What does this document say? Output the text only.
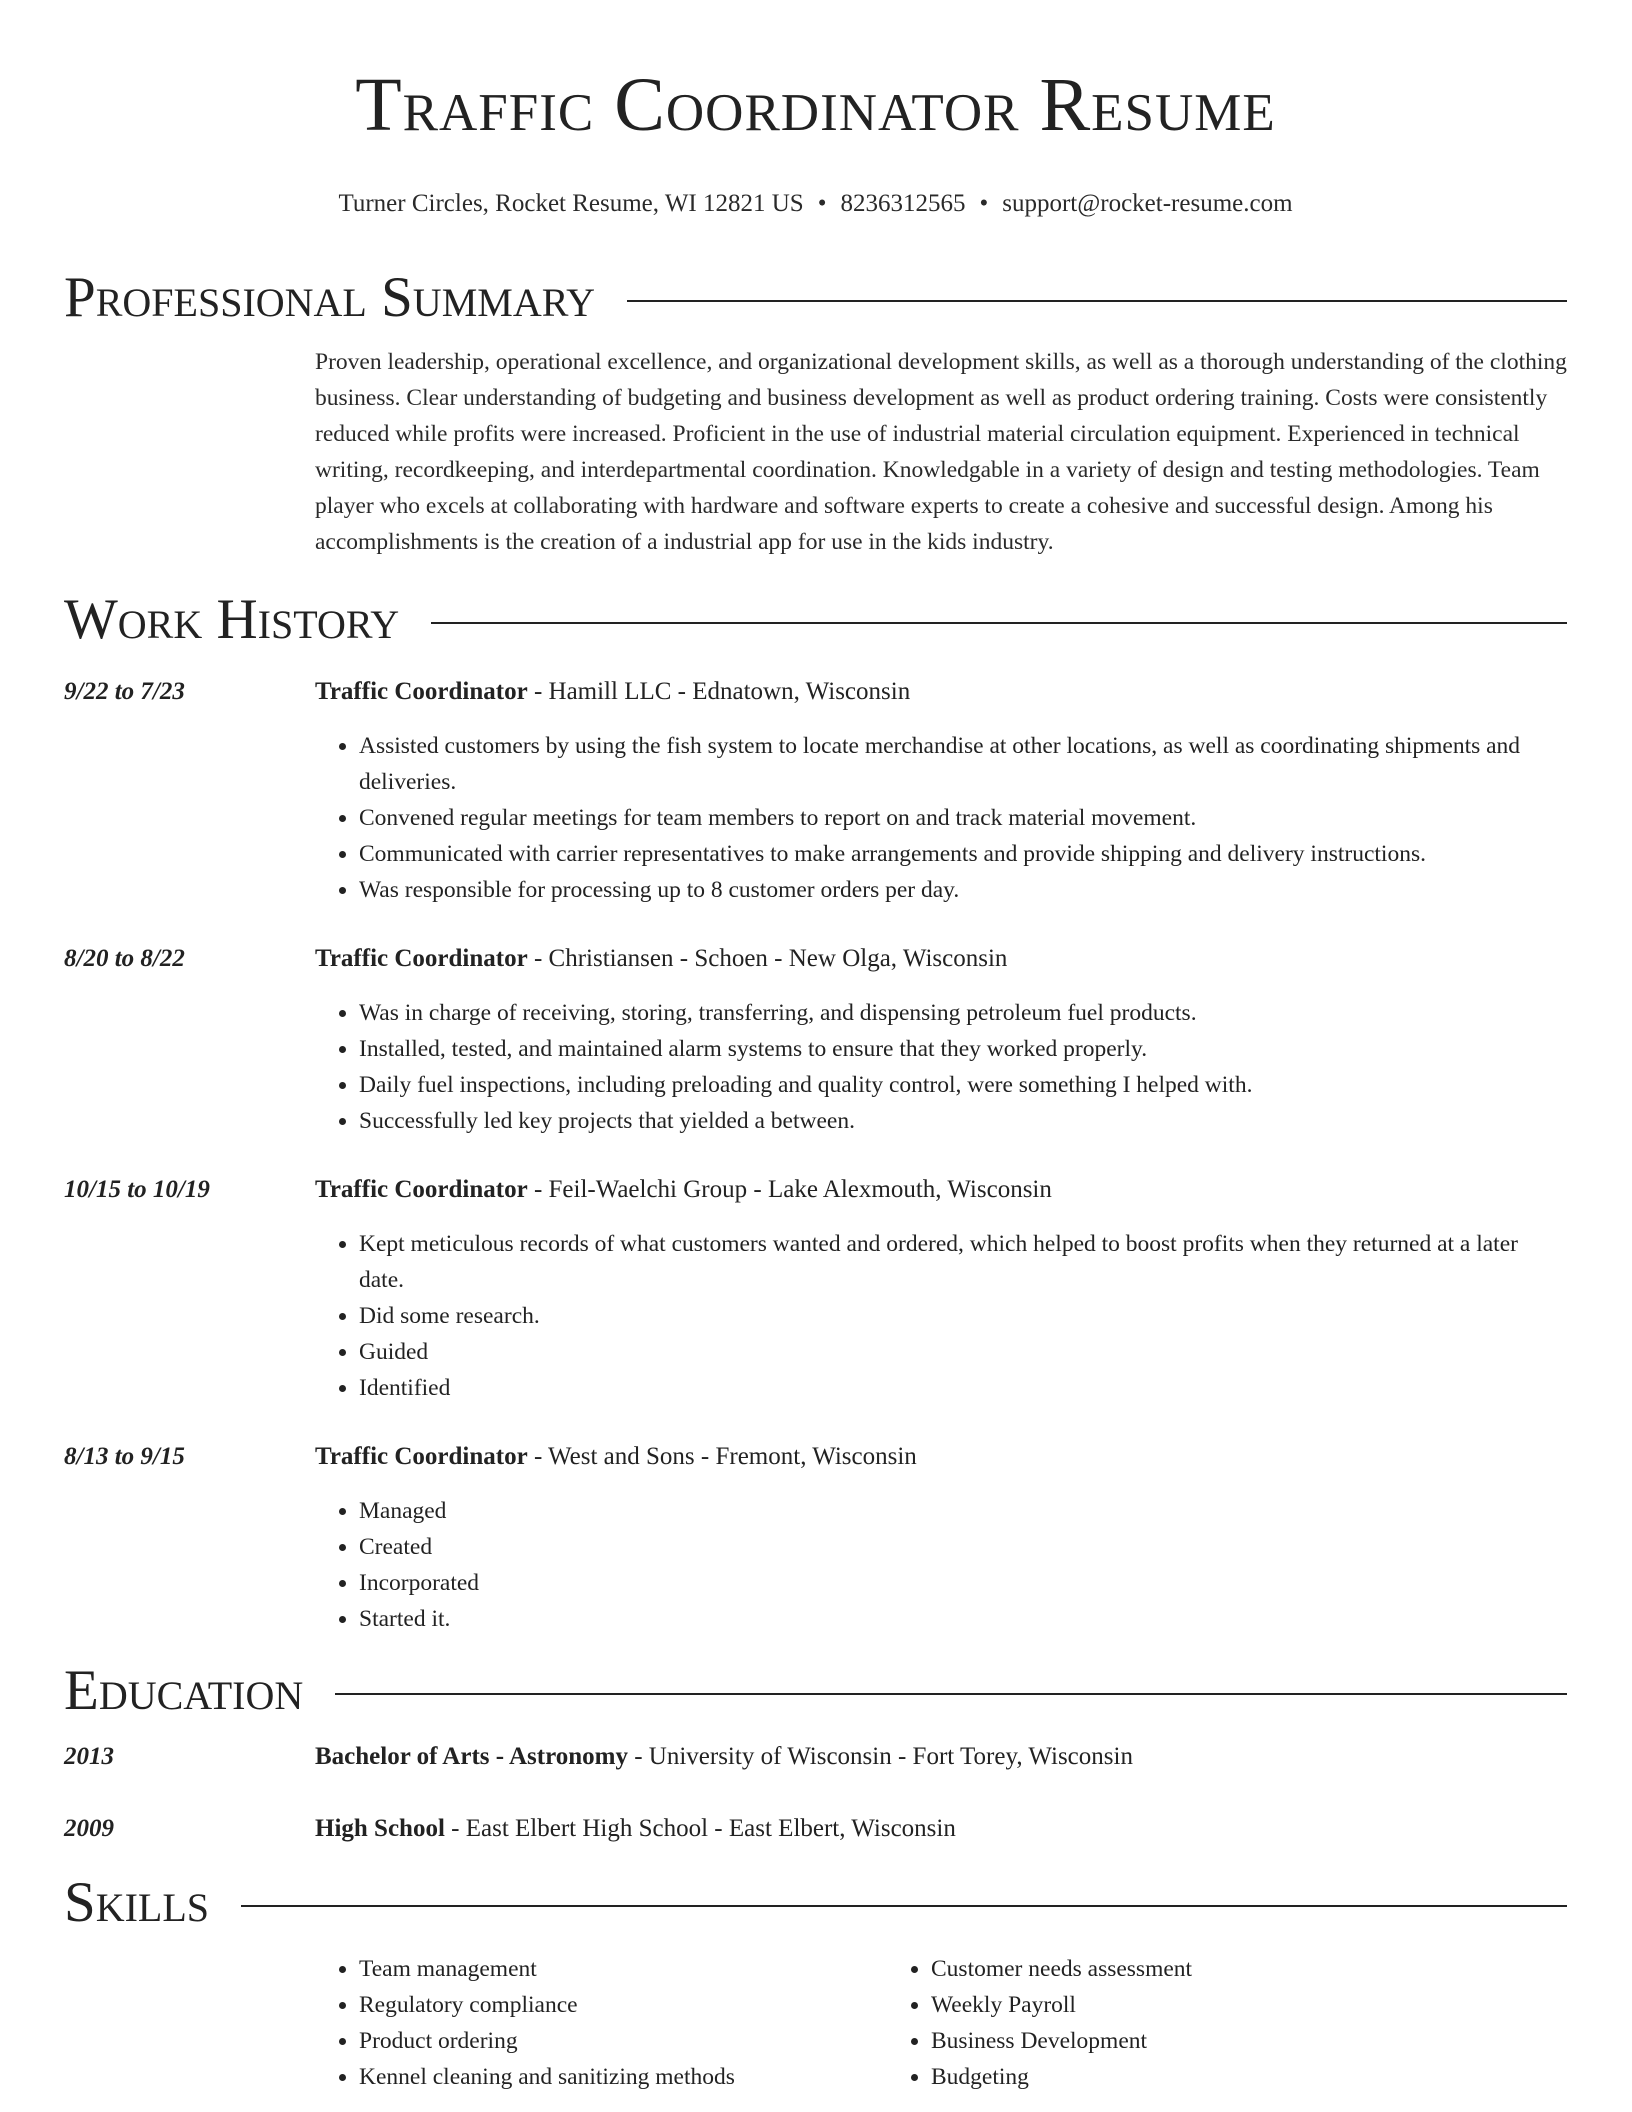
Traffic Coordinator Resume
Turner Circles, Rocket Resume, WI 12821 US • 8236312565 • support@rocket-resume.com
Professional Summary
Proven leadership, operational excellence, and organizational development skills, as well as a thorough understanding of the clothing business. Clear understanding of budgeting and business development as well as product ordering training. Costs were consistently reduced while profits were increased. Proficient in the use of industrial material circulation equipment. Experienced in technical writing, recordkeeping, and interdepartmental coordination. Knowledgable in a variety of design and testing methodologies. Team player who excels at collaborating with hardware and software experts to create a cohesive and successful design. Among his accomplishments is the creation of a industrial app for use in the kids industry.
Work History
9/22 to 7/23	Traffic Coordinator - Hamill LLC - Ednatown, Wisconsin
• Assisted customers by using the fish system to locate merchandise at other locations, as well as coordinating shipments and deliveries.
• Convened regular meetings for team members to report on and track material movement.
• Communicated with carrier representatives to make arrangements and provide shipping and delivery instructions.
• Was responsible for processing up to 8 customer orders per day.
8/20 to 8/22	Traffic Coordinator - Christiansen - Schoen - New Olga, Wisconsin
• Was in charge of receiving, storing, transferring, and dispensing petroleum fuel products.
• Installed, tested, and maintained alarm systems to ensure that they worked properly.
• Daily fuel inspections, including preloading and quality control, were something I helped with.
• Successfully led key projects that yielded a between.
10/15 to 10/19	Traffic Coordinator - Feil-Waelchi Group - Lake Alexmouth, Wisconsin
• Kept meticulous records of what customers wanted and ordered, which helped to boost profits when they returned at a later date.
• Did some research.
• Guided
• Identified
8/13 to 9/15	Traffic Coordinator - West and Sons - Fremont, Wisconsin
• Managed
• Created
• Incorporated
• Started it.
Education
2013	Bachelor of Arts - Astronomy - University of Wisconsin - Fort Torey, Wisconsin
2009	High School - East Elbert High School - East Elbert, Wisconsin
Skills
• Team management
• Regulatory compliance
• Product ordering
• Kennel cleaning and sanitizing methods
• Customer needs assessment
• Weekly Payroll
• Business Development
• Budgeting
